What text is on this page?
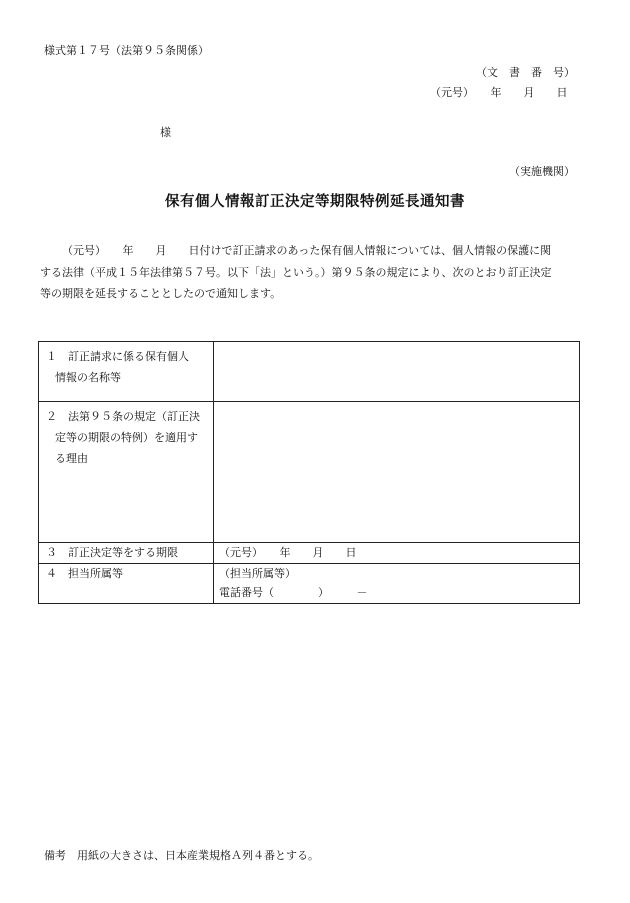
様式第１７号（法第９５条関係）
（文　書　番　号）
（元号）　　年　　月　　日
様
（実施機関）
保有個人情報訂正決定等期限特例延長通知書
（元号）　　年　　月　　日付けで訂正請求のあった保有個人情報については、個人情報の保護に関
する法律（平成１５年法律第５７号。以下「法」という。）第９５条の規定により、次のとおり訂正決定
等の期限を延長することとしたので通知します。
１　訂正請求に係る保有個人
情報の名称等	

２　法第９５条の規定（訂正決
定等の期限の特例）を適用す
る理由	

３　訂正決定等をする期限	（元号）　　年　　月　　日

４　担当所属等	（担当所属等）
電話番号（　　　　）　　　－
備考　用紙の大きさは、日本産業規格Ａ列４番とする。
